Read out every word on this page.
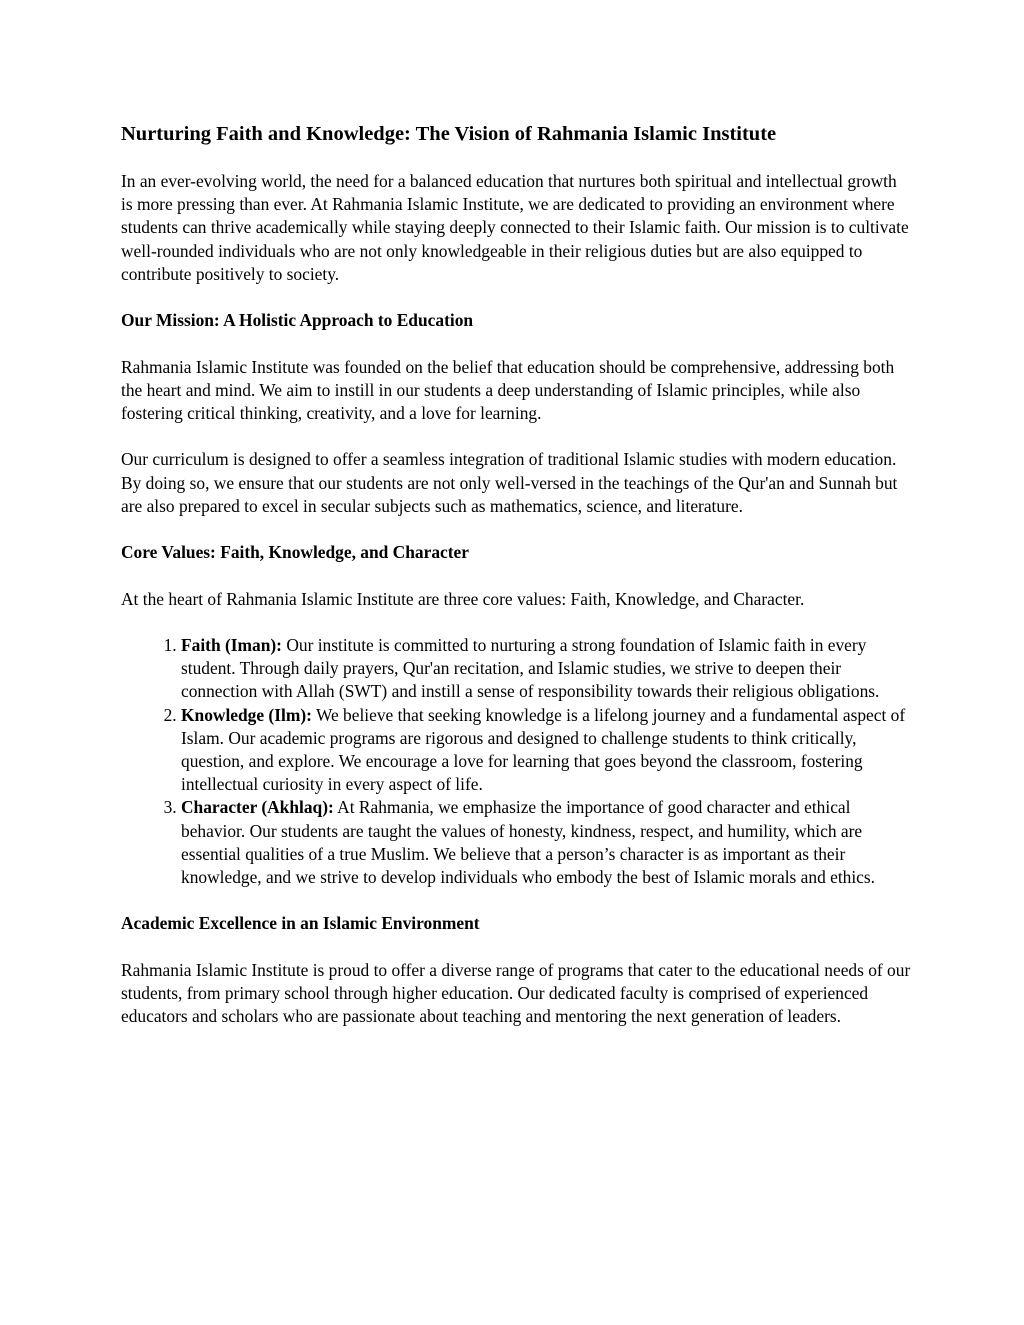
Nurturing Faith and Knowledge: The Vision of Rahmania Islamic Institute

In an ever-evolving world, the need for a balanced education that nurtures both spiritual and intellectual growth is more pressing than ever. At Rahmania Islamic Institute, we are dedicated to providing an environment where students can thrive academically while staying deeply connected to their Islamic faith. Our mission is to cultivate well-rounded individuals who are not only knowledgeable in their religious duties but are also equipped to contribute positively to society.

Our Mission: A Holistic Approach to Education

Rahmania Islamic Institute was founded on the belief that education should be comprehensive, addressing both the heart and mind. We aim to instill in our students a deep understanding of Islamic principles, while also fostering critical thinking, creativity, and a love for learning.

Our curriculum is designed to offer a seamless integration of traditional Islamic studies with modern education. By doing so, we ensure that our students are not only well-versed in the teachings of the Qur'an and Sunnah but are also prepared to excel in secular subjects such as mathematics, science, and literature.

Core Values: Faith, Knowledge, and Character

At the heart of Rahmania Islamic Institute are three core values: Faith, Knowledge, and Character.

1. Faith (Iman): Our institute is committed to nurturing a strong foundation of Islamic faith in every student. Through daily prayers, Qur'an recitation, and Islamic studies, we strive to deepen their connection with Allah (SWT) and instill a sense of responsibility towards their religious obligations.
2. Knowledge (Ilm): We believe that seeking knowledge is a lifelong journey and a fundamental aspect of Islam. Our academic programs are rigorous and designed to challenge students to think critically, question, and explore. We encourage a love for learning that goes beyond the classroom, fostering intellectual curiosity in every aspect of life.
3. Character (Akhlaq): At Rahmania, we emphasize the importance of good character and ethical behavior. Our students are taught the values of honesty, kindness, respect, and humility, which are essential qualities of a true Muslim. We believe that a person’s character is as important as their knowledge, and we strive to develop individuals who embody the best of Islamic morals and ethics.
Academic Excellence in an Islamic Environment

Rahmania Islamic Institute is proud to offer a diverse range of programs that cater to the educational needs of our students, from primary school through higher education. Our dedicated faculty is comprised of experienced educators and scholars who are passionate about teaching and mentoring the next generation of leaders.
